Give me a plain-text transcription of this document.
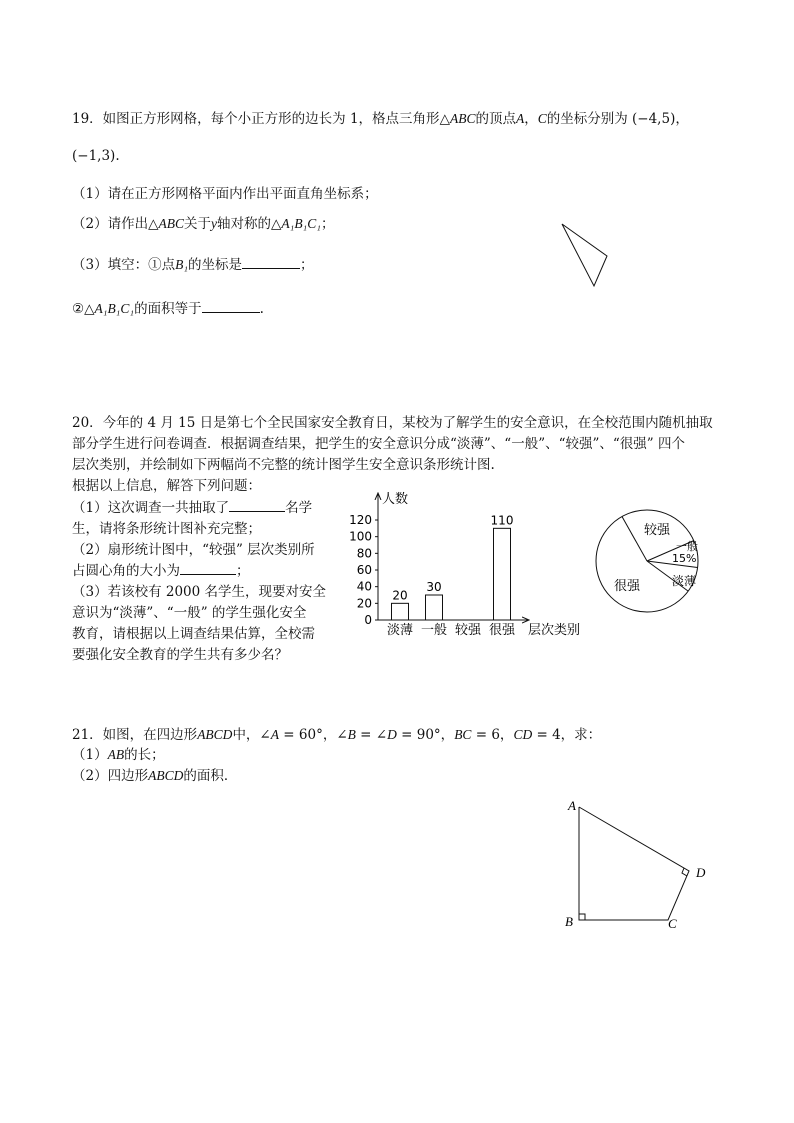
19．如图正方形网格，每个小正方形的边长为 1，格点三角形△ABC的顶点A，C的坐标分别为 (−4,5)，
(−1,3).
（1）请在正方形网格平面内作出平面直角坐标系；
（2）请作出△ABC关于y轴对称的△A₁B₁C₁；
（3）填空：①点B₁的坐标是	；
②△A₁B₁C₁的面积等于	.
20．今年的 4 月 15 日是第七个全民国家安全教育日，某校为了解学生的安全意识，在全校范围内随机抽取
部分学生进行问卷调查．根据调查结果，把学生的安全意识分成“淡薄”、“一般”、“较强”、“很强” 四个
层次类别，并绘制如下两幅尚不完整的统计图学生安全意识条形统计图.
根据以上信息，解答下列问题：
（1）这次调查一共抽取了	名学
生，请将条形统计图补充完整；
（2）扇形统计图中，“较强” 层次类别所
占圆心角的大小为	；
（3）若该校有 2000 名学生，现要对安全
意识为“淡薄”、“一般” 的学生强化安全
教育，请根据以上调查结果估算，全校需
要强化安全教育的学生共有多少名？
人数
层次类别
0
20
40
60
80
100
120
20
淡薄
30
一般 较强
110
很强
较强
一般
15%
淡薄
很强
21．如图，在四边形ABCD中，∠A = 60°，∠B = ∠D = 90°，BC = 6，CD = 4，求：
（1）AB的长；
（2）四边形ABCD的面积．
A
B	C
D
